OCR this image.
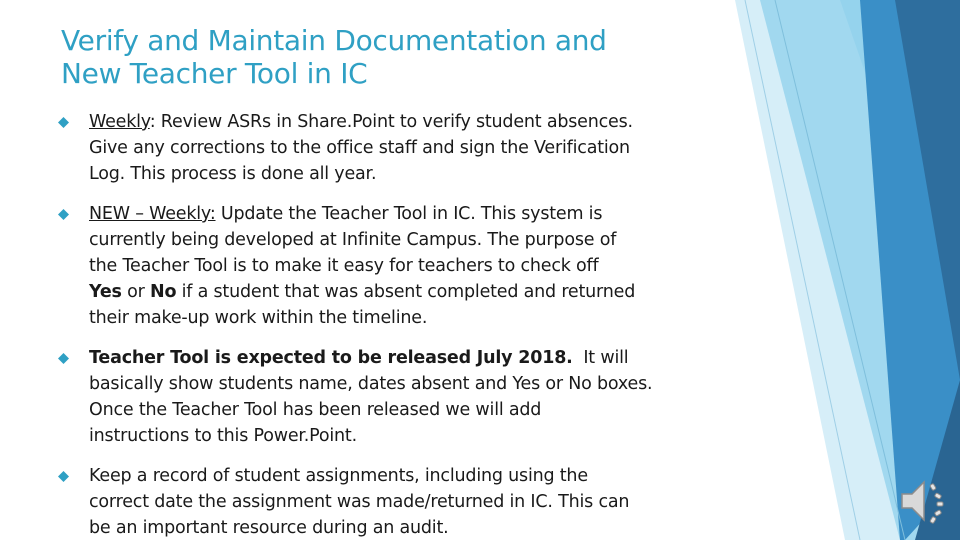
Verify and Maintain Documentation and
New Teacher Tool in IC
Weekly: Review ASRs in Share.Point to verify student absences.
Give any corrections to the office staff and sign the Verification
Log. This process is done all year.
NEW – Weekly: Update the Teacher Tool in IC. This system is
currently being developed at Infinite Campus. The purpose of
the Teacher Tool is to make it easy for teachers to check off
Yes or No if a student that was absent completed and returned
their make-up work within the timeline.
Teacher Tool is expected to be released July 2018.  It will
basically show students name, dates absent and Yes or No boxes.
Once the Teacher Tool has been released we will add
instructions to this Power.Point.
Keep a record of student assignments, including using the
correct date the assignment was made/returned in IC. This can
be an important resource during an audit.
